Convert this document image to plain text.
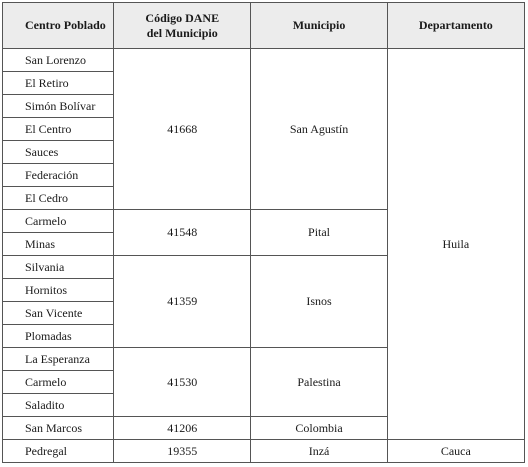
Centro Poblado	Código DANE
del Municipio	Municipio	Departamento
San Lorenzo	41668	San Agustín	Huila
El Retiro			
Simón Bolívar			
El Centro			
Sauces			
Federación			
El Cedro			
Carmelo	41548	Pital	
Minas			
Silvania	41359	Isnos	
Hornitos			
San Vicente			
Plomadas			
La Esperanza	41530	Palestina	
Carmelo			
Saladito			
San Marcos	41206	Colombia	
Pedregal	19355	Inzá	Cauca
